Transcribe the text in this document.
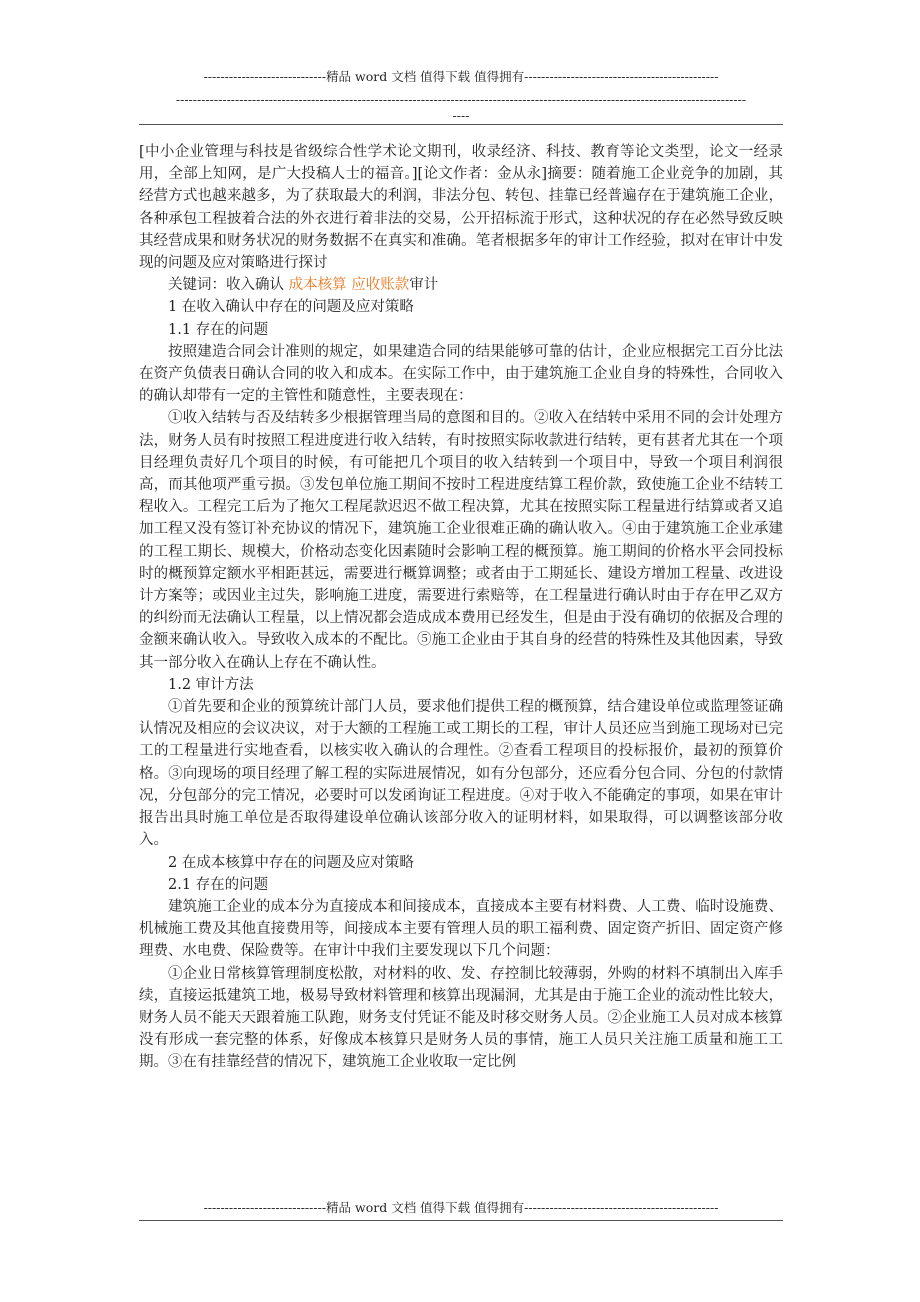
-----------------------------精品 word 文档 值得下载 值得拥有----------------------------------------------
---------------------------------------------------------------------------------------------------------------------------------------
----

[中小企业管理与科技是省级综合性学术论文期刊，收录经济、科技、教育等论文类型，论文一经录用，全部上知网，是广大投稿人士的福音。][论文作者：金从永]摘要：随着施工企业竞争的加剧，其经营方式也越来越多，为了获取最大的利润，非法分包、转包、挂靠已经普遍存在于建筑施工企业，各种承包工程披着合法的外衣进行着非法的交易，公开招标流于形式，这种状况的存在必然导致反映其经营成果和财务状况的财务数据不在真实和准确。笔者根据多年的审计工作经验，拟对在审计中发现的问题及应对策略进行探讨

关键词：收入确认 成本核算 应收账款审计

1 在收入确认中存在的问题及应对策略

1.1 存在的问题

按照建造合同会计准则的规定，如果建造合同的结果能够可靠的估计，企业应根据完工百分比法在资产负债表日确认合同的收入和成本。在实际工作中，由于建筑施工企业自身的特殊性，合同收入的确认却带有一定的主管性和随意性，主要表现在：

①收入结转与否及结转多少根据管理当局的意图和目的。②收入在结转中采用不同的会计处理方法，财务人员有时按照工程进度进行收入结转，有时按照实际收款进行结转，更有甚者尤其在一个项目经理负责好几个项目的时候，有可能把几个项目的收入结转到一个项目中，导致一个项目利润很高，而其他项严重亏损。③发包单位施工期间不按时工程进度结算工程价款，致使施工企业不结转工程收入。工程完工后为了拖欠工程尾款迟迟不做工程决算，尤其在按照实际工程量进行结算或者又追加工程又没有签订补充协议的情况下，建筑施工企业很难正确的确认收入。④由于建筑施工企业承建的工程工期长、规模大，价格动态变化因素随时会影响工程的概预算。施工期间的价格水平会同投标时的概预算定额水平相距甚远，需要进行概算调整；或者由于工期延长、建设方增加工程量、改进设计方案等；或因业主过失，影响施工进度，需要进行索赔等，在工程量进行确认时由于存在甲乙双方的纠纷而无法确认工程量，以上情况都会造成成本费用已经发生，但是由于没有确切的依据及合理的金额来确认收入。导致收入成本的不配比。⑤施工企业由于其自身的经营的特殊性及其他因素，导致其一部分收入在确认上存在不确认性。

1.2 审计方法

①首先要和企业的预算统计部门人员，要求他们提供工程的概预算，结合建设单位或监理签证确认情况及相应的会议决议，对于大额的工程施工或工期长的工程，审计人员还应当到施工现场对已完工的工程量进行实地查看，以核实收入确认的合理性。②查看工程项目的投标报价，最初的预算价格。③向现场的项目经理了解工程的实际进展情况，如有分包部分，还应看分包合同、分包的付款情况，分包部分的完工情况，必要时可以发函询证工程进度。④对于收入不能确定的事项，如果在审计报告出具时施工单位是否取得建设单位确认该部分收入的证明材料，如果取得，可以调整该部分收入。

2 在成本核算中存在的问题及应对策略

2.1 存在的问题

建筑施工企业的成本分为直接成本和间接成本，直接成本主要有材料费、人工费、临时设施费、机械施工费及其他直接费用等，间接成本主要有管理人员的职工福利费、固定资产折旧、固定资产修理费、水电费、保险费等。在审计中我们主要发现以下几个问题：

①企业日常核算管理制度松散，对材料的收、发、存控制比较薄弱，外购的材料不填制出入库手续，直接运抵建筑工地，极易导致材料管理和核算出现漏洞，尤其是由于施工企业的流动性比较大，财务人员不能天天跟着施工队跑，财务支付凭证不能及时移交财务人员。②企业施工人员对成本核算没有形成一套完整的体系，好像成本核算只是财务人员的事情，施工人员只关注施工质量和施工工期。③在有挂靠经营的情况下，建筑施工企业收取一定比例

-----------------------------精品 word 文档 值得下载 值得拥有----------------------------------------------
